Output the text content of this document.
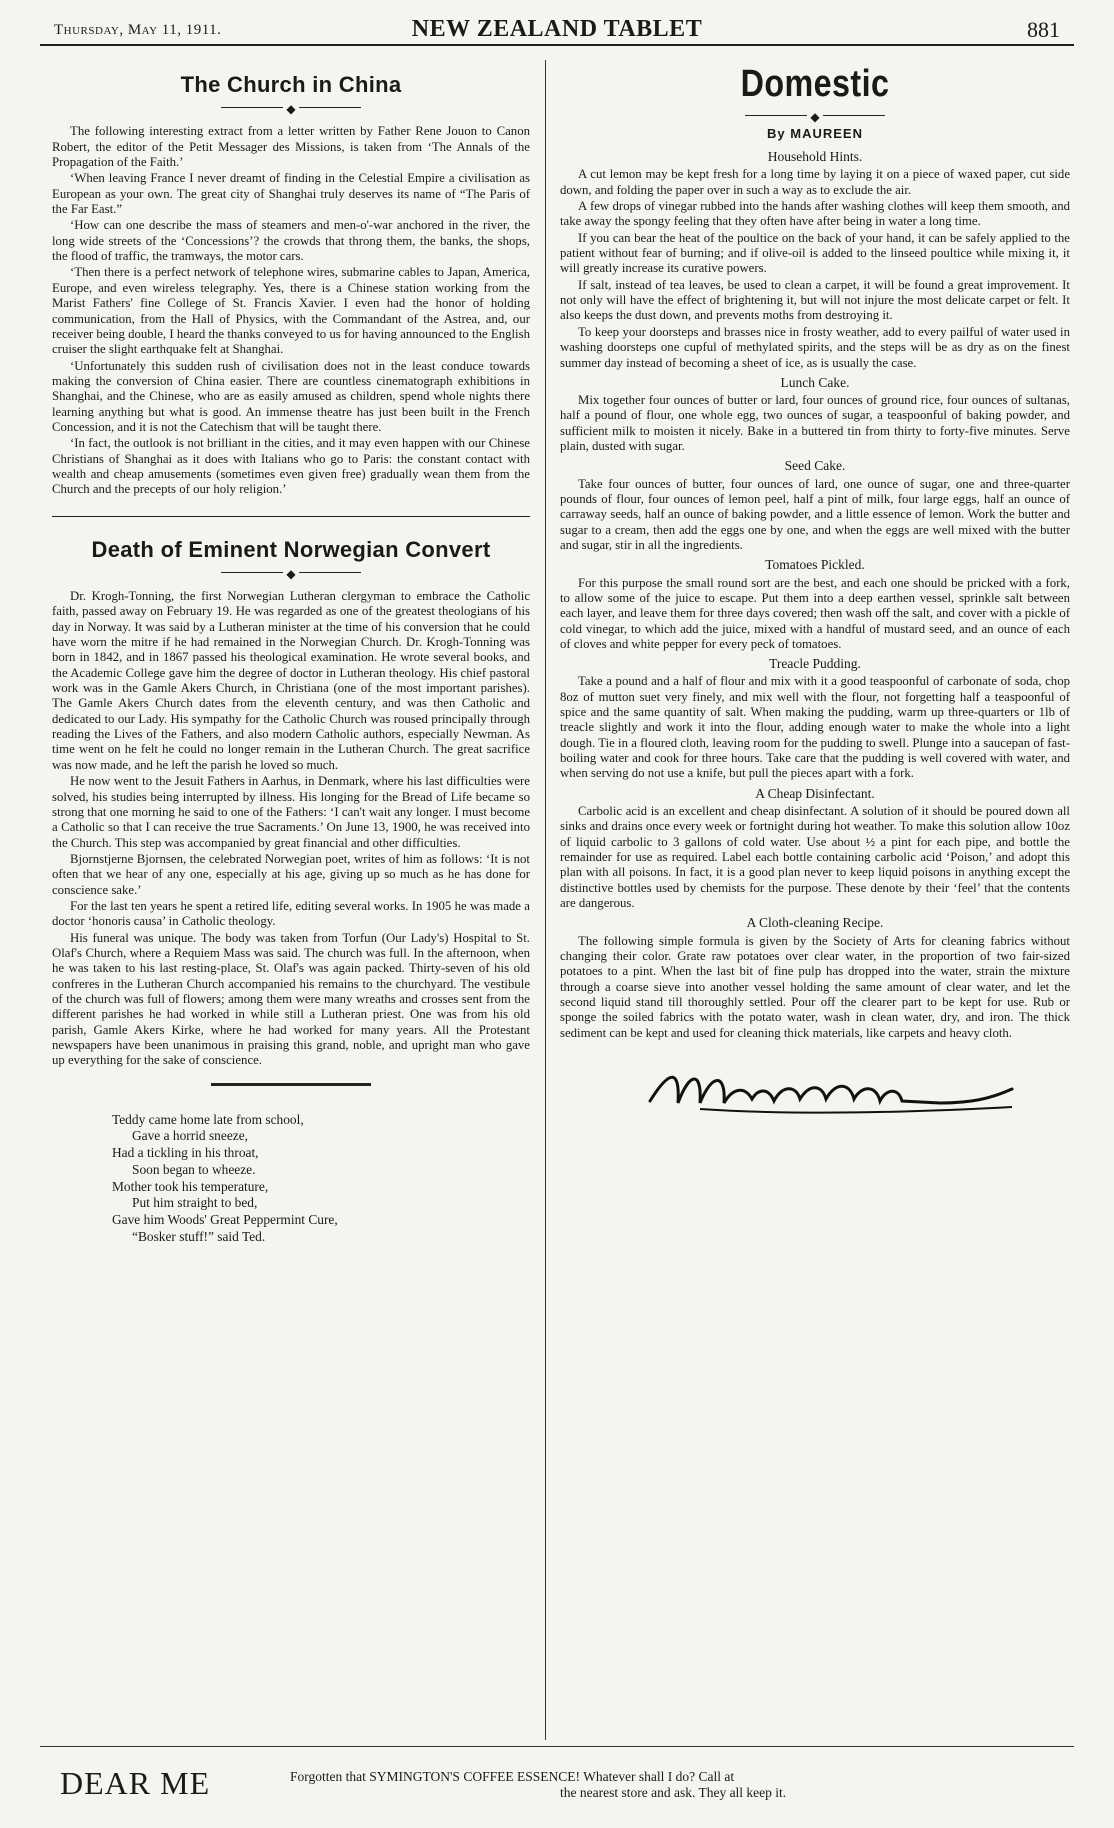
Thursday, May 11, 1911.	NEW ZEALAND TABLET	881
The Church in China
◆

The following interesting extract from a letter written by Father Rene Jouon to Canon Robert, the editor of the Petit Messager des Missions, is taken from ‘The Annals of the Propagation of the Faith.’

‘When leaving France I never dreamt of finding in the Celestial Empire a civilisation as European as your own. The great city of Shanghai truly deserves its name of “The Paris of the Far East.”

‘How can one describe the mass of steamers and men-o'-war anchored in the river, the long wide streets of the ‘Concessions’? the crowds that throng them, the banks, the shops, the flood of traffic, the tramways, the motor cars.

‘Then there is a perfect network of telephone wires, submarine cables to Japan, America, Europe, and even wireless telegraphy. Yes, there is a Chinese station working from the Marist Fathers' fine College of St. Francis Xavier. I even had the honor of holding communication, from the Hall of Physics, with the Commandant of the Astrea, and, our receiver being double, I heard the thanks conveyed to us for having announced to the English cruiser the slight earthquake felt at Shanghai.

‘Unfortunately this sudden rush of civilisation does not in the least conduce towards making the conversion of China easier. There are countless cinematograph exhibitions in Shanghai, and the Chinese, who are as easily amused as children, spend whole nights there learning anything but what is good. An immense theatre has just been built in the French Concession, and it is not the Catechism that will be taught there.

‘In fact, the outlook is not brilliant in the cities, and it may even happen with our Chinese Christians of Shanghai as it does with Italians who go to Paris: the constant contact with wealth and cheap amusements (sometimes even given free) gradually wean them from the Church and the precepts of our holy religion.’

Death of Eminent Norwegian Convert
◆

Dr. Krogh-Tonning, the first Norwegian Lutheran clergyman to embrace the Catholic faith, passed away on February 19. He was regarded as one of the greatest theologians of his day in Norway. It was said by a Lutheran minister at the time of his conversion that he could have worn the mitre if he had remained in the Norwegian Church. Dr. Krogh-Tonning was born in 1842, and in 1867 passed his theological examination. He wrote several books, and the Academic College gave him the degree of doctor in Lutheran theology. His chief pastoral work was in the Gamle Akers Church, in Christiana (one of the most important parishes). The Gamle Akers Church dates from the eleventh century, and was then Catholic and dedicated to our Lady. His sympathy for the Catholic Church was roused principally through reading the Lives of the Fathers, and also modern Catholic authors, especially Newman. As time went on he felt he could no longer remain in the Lutheran Church. The great sacrifice was now made, and he left the parish he loved so much.

He now went to the Jesuit Fathers in Aarhus, in Denmark, where his last difficulties were solved, his studies being interrupted by illness. His longing for the Bread of Life became so strong that one morning he said to one of the Fathers: ‘I can't wait any longer. I must become a Catholic so that I can receive the true Sacraments.’ On June 13, 1900, he was received into the Church. This step was accompanied by great financial and other difficulties.

Bjornstjerne Bjornsen, the celebrated Norwegian poet, writes of him as follows: ‘It is not often that we hear of any one, especially at his age, giving up so much as he has done for conscience sake.’

For the last ten years he spent a retired life, editing several works. In 1905 he was made a doctor ‘honoris causa’ in Catholic theology.

His funeral was unique. The body was taken from Torfun (Our Lady's) Hospital to St. Olaf's Church, where a Requiem Mass was said. The church was full. In the afternoon, when he was taken to his last resting-place, St. Olaf's was again packed. Thirty-seven of his old confreres in the Lutheran Church accompanied his remains to the churchyard. The vestibule of the church was full of flowers; among them were many wreaths and crosses sent from the different parishes he had worked in while still a Lutheran priest. One was from his old parish, Gamle Akers Kirke, where he had worked for many years. All the Protestant newspapers have been unanimous in praising this grand, noble, and upright man who gave up everything for the sake of conscience.

Teddy came home late from school,
Gave a horrid sneeze,
Had a tickling in his throat,
Soon began to wheeze.
Mother took his temperature,
Put him straight to bed,
Gave him Woods' Great Peppermint Cure,
“Bosker stuff!” said Ted.
Domestic
◆
By MAUREEN
Household Hints.

A cut lemon may be kept fresh for a long time by laying it on a piece of waxed paper, cut side down, and folding the paper over in such a way as to exclude the air.

A few drops of vinegar rubbed into the hands after washing clothes will keep them smooth, and take away the spongy feeling that they often have after being in water a long time.

If you can bear the heat of the poultice on the back of your hand, it can be safely applied to the patient without fear of burning; and if olive-oil is added to the linseed poultice while mixing it, it will greatly increase its curative powers.

If salt, instead of tea leaves, be used to clean a carpet, it will be found a great improvement. It not only will have the effect of brightening it, but will not injure the most delicate carpet or felt. It also keeps the dust down, and prevents moths from destroying it.

To keep your doorsteps and brasses nice in frosty weather, add to every pailful of water used in washing doorsteps one cupful of methylated spirits, and the steps will be as dry as on the finest summer day instead of becoming a sheet of ice, as is usually the case.

Lunch Cake.

Mix together four ounces of butter or lard, four ounces of ground rice, four ounces of sultanas, half a pound of flour, one whole egg, two ounces of sugar, a teaspoonful of baking powder, and sufficient milk to moisten it nicely. Bake in a buttered tin from thirty to forty-five minutes. Serve plain, dusted with sugar.

Seed Cake.

Take four ounces of butter, four ounces of lard, one ounce of sugar, one and three-quarter pounds of flour, four ounces of lemon peel, half a pint of milk, four large eggs, half an ounce of carraway seeds, half an ounce of baking powder, and a little essence of lemon. Work the butter and sugar to a cream, then add the eggs one by one, and when the eggs are well mixed with the butter and sugar, stir in all the ingredients.

Tomatoes Pickled.

For this purpose the small round sort are the best, and each one should be pricked with a fork, to allow some of the juice to escape. Put them into a deep earthen vessel, sprinkle salt between each layer, and leave them for three days covered; then wash off the salt, and cover with a pickle of cold vinegar, to which add the juice, mixed with a handful of mustard seed, and an ounce of each of cloves and white pepper for every peck of tomatoes.

Treacle Pudding.

Take a pound and a half of flour and mix with it a good teaspoonful of carbonate of soda, chop 8oz of mutton suet very finely, and mix well with the flour, not forgetting half a teaspoonful of spice and the same quantity of salt. When making the pudding, warm up three-quarters or 1lb of treacle slightly and work it into the flour, adding enough water to make the whole into a light dough. Tie in a floured cloth, leaving room for the pudding to swell. Plunge into a saucepan of fast-boiling water and cook for three hours. Take care that the pudding is well covered with water, and when serving do not use a knife, but pull the pieces apart with a fork.

A Cheap Disinfectant.

Carbolic acid is an excellent and cheap disinfectant. A solution of it should be poured down all sinks and drains once every week or fortnight during hot weather. To make this solution allow 10oz of liquid carbolic to 3 gallons of cold water. Use about ½ a pint for each pipe, and bottle the remainder for use as required. Label each bottle containing carbolic acid ‘Poison,’ and adopt this plan with all poisons. In fact, it is a good plan never to keep liquid poisons in anything except the distinctive bottles used by chemists for the purpose. These denote by their ‘feel’ that the contents are dangerous.

A Cloth-cleaning Recipe.

The following simple formula is given by the Society of Arts for cleaning fabrics without changing their color. Grate raw potatoes over clear water, in the proportion of two fair-sized potatoes to a pint. When the last bit of fine pulp has dropped into the water, strain the mixture through a coarse sieve into another vessel holding the same amount of clear water, and let the second liquid stand till thoroughly settled. Pour off the clearer part to be kept for use. Rub or sponge the soiled fabrics with the potato water, wash in clean water, dry, and iron. The thick sediment can be kept and used for cleaning thick materials, like carpets and heavy cloth.

DEAR ME	Forgotten that SYMINGTON'S COFFEE ESSENCE! Whatever shall I do? Call at
the nearest store and ask. They all keep it.
